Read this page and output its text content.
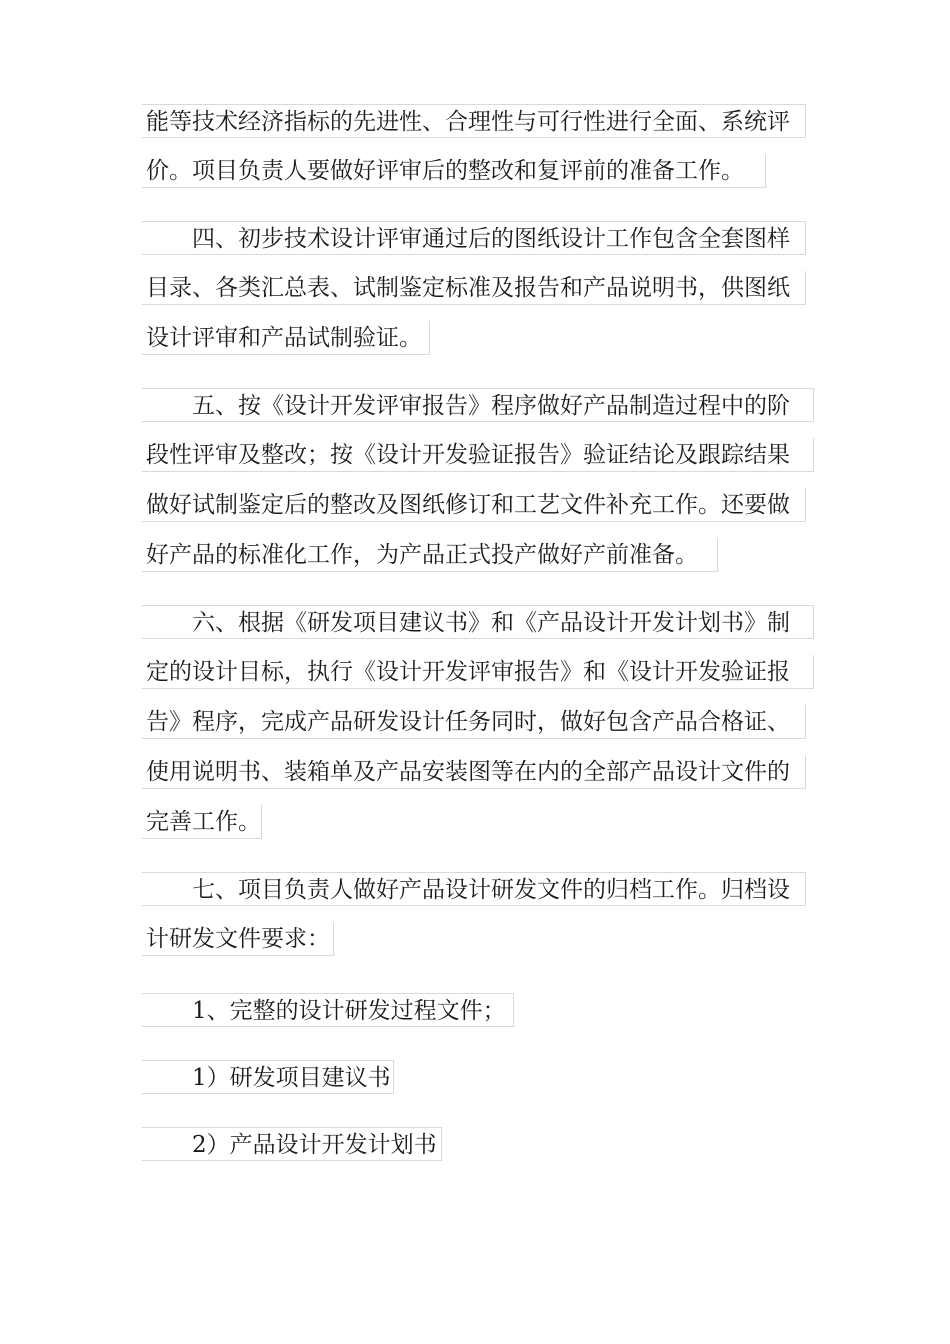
能等技术经济指标的先进性、合理性与可行性进行全面、系统评
价。项目负责人要做好评审后的整改和复评前的准备工作。
四、初步技术设计评审通过后的图纸设计工作包含全套图样
目录、各类汇总表、试制鉴定标准及报告和产品说明书，供图纸
设计评审和产品试制验证。
五、按《设计开发评审报告》程序做好产品制造过程中的阶
段性评审及整改；按《设计开发验证报告》验证结论及跟踪结果
做好试制鉴定后的整改及图纸修订和工艺文件补充工作。还要做
好产品的标准化工作，为产品正式投产做好产前准备。
六、根据《研发项目建议书》和《产品设计开发计划书》制
定的设计目标，执行《设计开发评审报告》和《设计开发验证报
告》程序，完成产品研发设计任务同时，做好包含产品合格证、
使用说明书、装箱单及产品安装图等在内的全部产品设计文件的
完善工作。
七、项目负责人做好产品设计研发文件的归档工作。归档设
计研发文件要求：
1、完整的设计研发过程文件；
1）研发项目建议书
2）产品设计开发计划书
